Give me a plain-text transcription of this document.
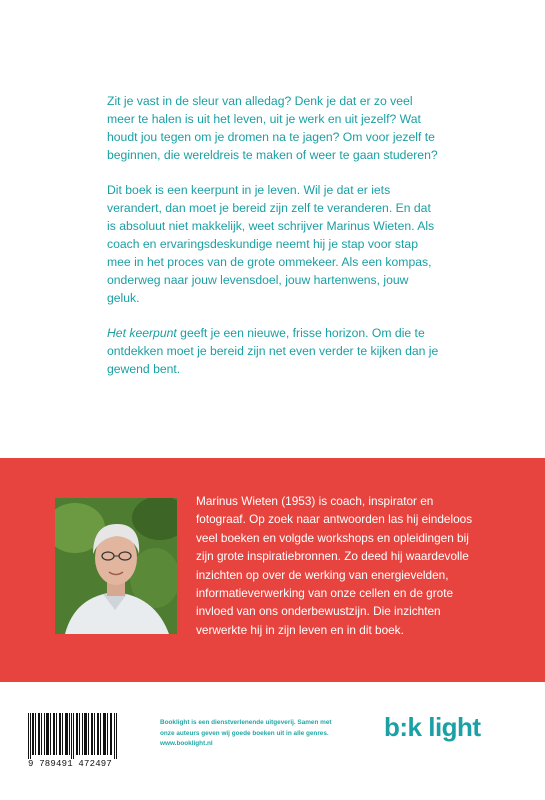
Zit je vast in de sleur van alledag? Denk je dat er zo veel meer te halen is uit het leven, uit je werk en uit jezelf? Wat houdt jou tegen om je dromen na te jagen? Om voor jezelf te beginnen, die wereldreis te maken of weer te gaan studeren?

Dit boek is een keerpunt in je leven. Wil je dat er iets verandert, dan moet je bereid zijn zelf te veranderen. En dat is absoluut niet makkelijk, weet schrijver Marinus Wieten. Als coach en ervaringsdeskundige neemt hij je stap voor stap mee in het proces van de grote ommekeer. Als een kompas, onderweg naar jouw levensdoel, jouw hartenwens, jouw geluk.

Het keerpunt geeft je een nieuwe, frisse horizon. Om die te ontdekken moet je bereid zijn net even verder te kijken dan je gewend bent.

Marinus Wieten (1953) is coach, inspirator en fotograaf. Op zoek naar antwoorden las hij eindeloos veel boeken en volgde workshops en opleidingen bij zijn grote inspiratiebronnen. Zo deed hij waardevolle inzichten op over de werking van energievelden, informatieverwerking van onze cellen en de grote invloed van ons onderbewustzijn. Die inzichten verwerkte hij in zijn leven en in dit boek.
9 789491 472497
Booklight is een dienstverlenende uitgeverij. Samen met
onze auteurs geven wij goede boeken uit in alle genres.
www.booklight.nl
b:k light
